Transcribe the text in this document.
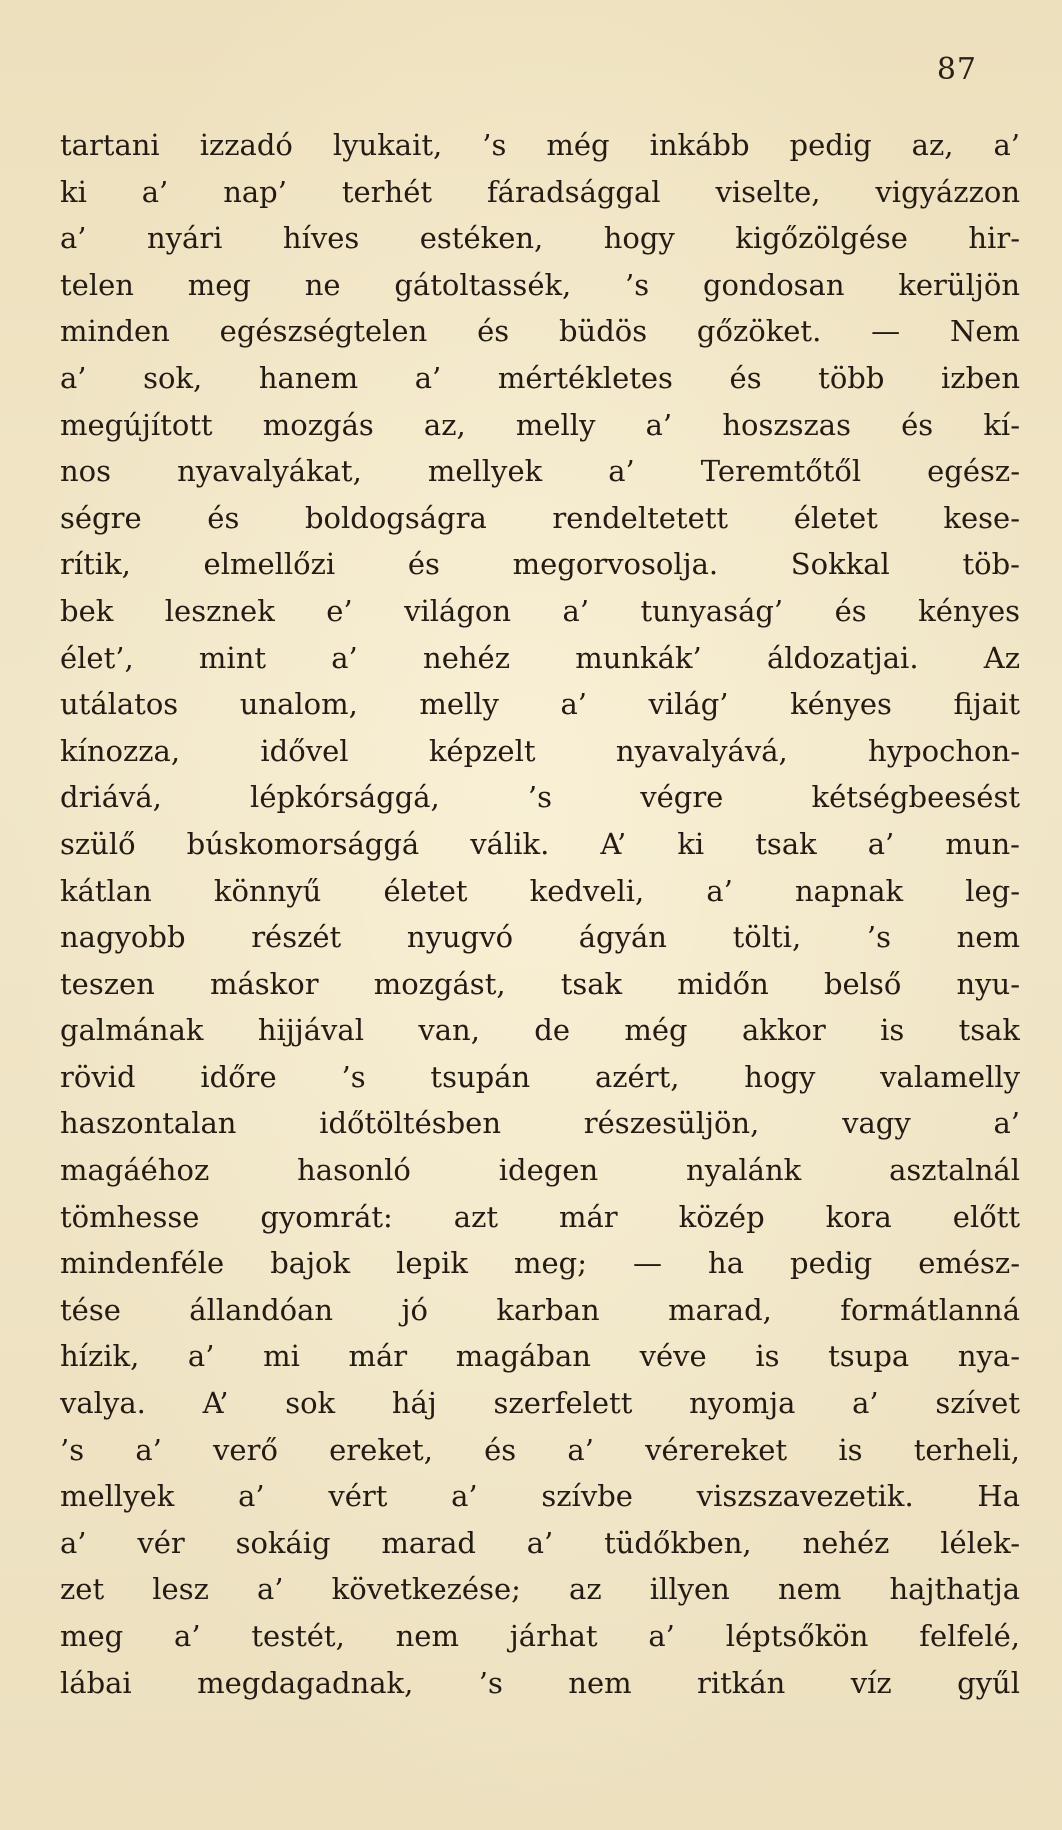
87
tartani izzadó lyukait, ’s még inkább pedig az, a’
ki a’ nap’ terhét fáradsággal viselte, vigyázzon
a’ nyári híves estéken, hogy kigőzölgése hir-
telen meg ne gátoltassék, ’s gondosan kerüljön
minden egészségtelen és büdös gőzöket. — Nem
a’ sok, hanem a’ mértékletes és több izben
megújított mozgás az, melly a’ hoszszas és kí-
nos nyavalyákat, mellyek a’ Teremtőtől egész-
ségre és boldogságra rendeltetett életet kese-
rítik, elmellőzi és megorvosolja. Sokkal töb-
bek lesznek e’ világon a’ tunyaság’ és kényes
élet’, mint a’ nehéz munkák’ áldozatjai. Az
utálatos unalom, melly a’ világ’ kényes fijait
kínozza, idővel képzelt nyavalyává, hypochon-
driává, lépkórsággá, ’s végre kétségbeesést
szülő búskomorsággá válik. A’ ki tsak a’ mun-
kátlan könnyű életet kedveli, a’ napnak leg-
nagyobb részét nyugvó ágyán tölti, ’s nem
teszen máskor mozgást, tsak midőn belső nyu-
galmának hijjával van, de még akkor is tsak
rövid időre ’s tsupán azért, hogy valamelly
haszontalan időtöltésben részesüljön, vagy a’
magáéhoz hasonló idegen nyalánk asztalnál
tömhesse gyomrát: azt már közép kora előtt
mindenféle bajok lepik meg; — ha pedig emész-
tése állandóan jó karban marad, formátlanná
hízik, a’ mi már magában véve is tsupa nya-
valya. A’ sok háj szerfelett nyomja a’ szívet
’s a’ verő ereket, és a’ vérereket is terheli,
mellyek a’ vért a’ szívbe viszszavezetik. Ha
a’ vér sokáig marad a’ tüdőkben, nehéz lélek-
zet lesz a’ következése; az illyen nem hajthatja
meg a’ testét, nem járhat a’ léptsőkön felfelé,
lábai megdagadnak, ’s nem ritkán víz gyűl
